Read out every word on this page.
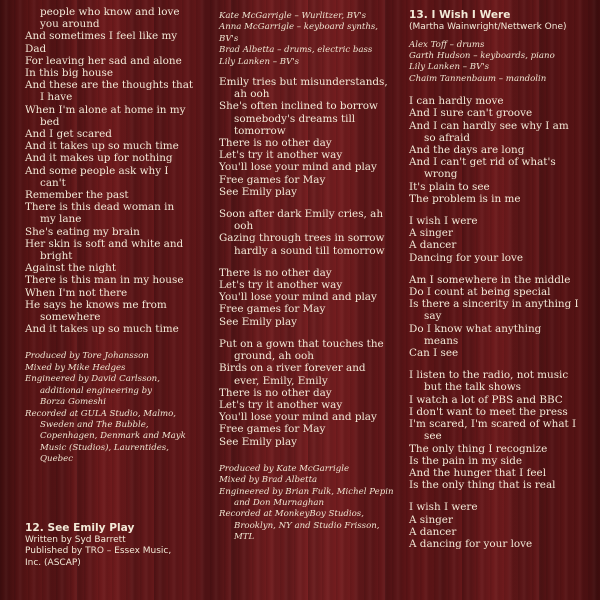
people who know and love
you around
And sometimes I feel like my
Dad
For leaving her sad and alone
In this big house
And these are the thoughts that
I have
When I'm alone at home in my
bed
And I get scared
And it takes up so much time
And it makes up for nothing
And some people ask why I
can't
Remember the past
There is this dead woman in
my lane
She's eating my brain
Her skin is soft and white and
bright
Against the night
There is this man in my house
When I'm not there
He says he knows me from
somewhere
And it takes up so much time
Produced by Tore Johansson
Mixed by Mike Hedges
Engineered by David Carlsson,
additional engineering by
Borza Gomeshi
Recorded at GULA Studio, Malmo,
Sweden and The Bubble,
Copenhagen, Denmark and Mayk
Music (Studios), Laurentides,
Quebec
12. See Emily Play
Written by Syd Barrett
Published by TRO – Essex Music,
Inc. (ASCAP)
Kate McGarrigle – Wurlitzer, BV's
Anna McGarrigle – keyboard synths,
BV's
Brad Albetta – drums, electric bass
Lily Lanken – BV's
Emily tries but misunderstands,
ah ooh
She's often inclined to borrow
somebody's dreams till
tomorrow
There is no other day
Let's try it another way
You'll lose your mind and play
Free games for May
See Emily play
Soon after dark Emily cries, ah
ooh
Gazing through trees in sorrow
hardly a sound till tomorrow
There is no other day
Let's try it another way
You'll lose your mind and play
Free games for May
See Emily play
Put on a gown that touches the
ground, ah ooh
Birds on a river forever and
ever, Emily, Emily
There is no other day
Let's try it another way
You'll lose your mind and play
Free games for May
See Emily play
Produced by Kate McGarrigle
Mixed by Brad Albetta
Engineered by Brian Fulk, Michel Pepin
and Don Murnaghan
Recorded at MonkeyBoy Studios,
Brooklyn, NY and Studio Frisson,
MTL
13. I Wish I Were
(Martha Wainwright/Nettwerk One)
Alex Toff – drums
Garth Hudson – keyboards, piano
Lily Lanken – BV's
Chaim Tannenbaum – mandolin
I can hardly move
And I sure can't groove
And I can hardly see why I am
so afraid
And the days are long
And I can't get rid of what's
wrong
It's plain to see
The problem is in me
I wish I were
A singer
A dancer
Dancing for your love
Am I somewhere in the middle
Do I count at being special
Is there a sincerity in anything I
say
Do I know what anything
means
Can I see
I listen to the radio, not music
but the talk shows
I watch a lot of PBS and BBC
I don't want to meet the press
I'm scared, I'm scared of what I
see
The only thing I recognize
Is the pain in my side
And the hunger that I feel
Is the only thing that is real
I wish I were
A singer
A dancer
A dancing for your love
